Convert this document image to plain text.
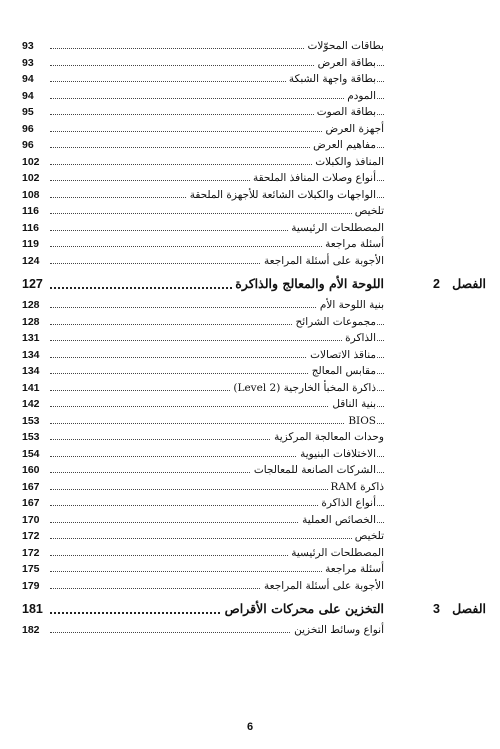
بطاقات المحوّلات
93
بطاقة العرض
93
بطاقة واجهة الشبكة
94
المودم
94
بطاقة الصوت
95
أجهزة العرض
96
مفاهيم العرض
96
المنافذ والكبلات
102
أنواع وصلات المنافذ الملحقة
102
الواجهات والكبلات الشائعة للأجهزة الملحقة
108
تلخيص
116
المصطلحات الرئيسية
116
أسئلة مراجعة
119
الأجوبة على أسئلة المراجعة
124
الفصل
2
اللوحة الأم والمعالج والذاكرة
127
بنية اللوحة الأم
128
مجموعات الشرائح
128
الذاكرة
131
مناقذ الاتصالات
134
مقابس المعالج
134
ذاكرة المخبأ الخارجية (Level 2)
141
بنية الناقل
142
BIOS
153
وحدات المعالجة المركزية
153
الاختلافات البنيوية
154
الشركات الصانعة للمعالجات
160
ذاكرة RAM
167
أنواع الذاكرة
167
الخصائص العملية
170
تلخيص
172
المصطلحات الرئيسية
172
أسئلة مراجعة
175
الأجوبة على أسئلة المراجعة
179
الفصل
3
التخزين على محركات الأقراص
181
أنواع وسائط التخزين
182
6
